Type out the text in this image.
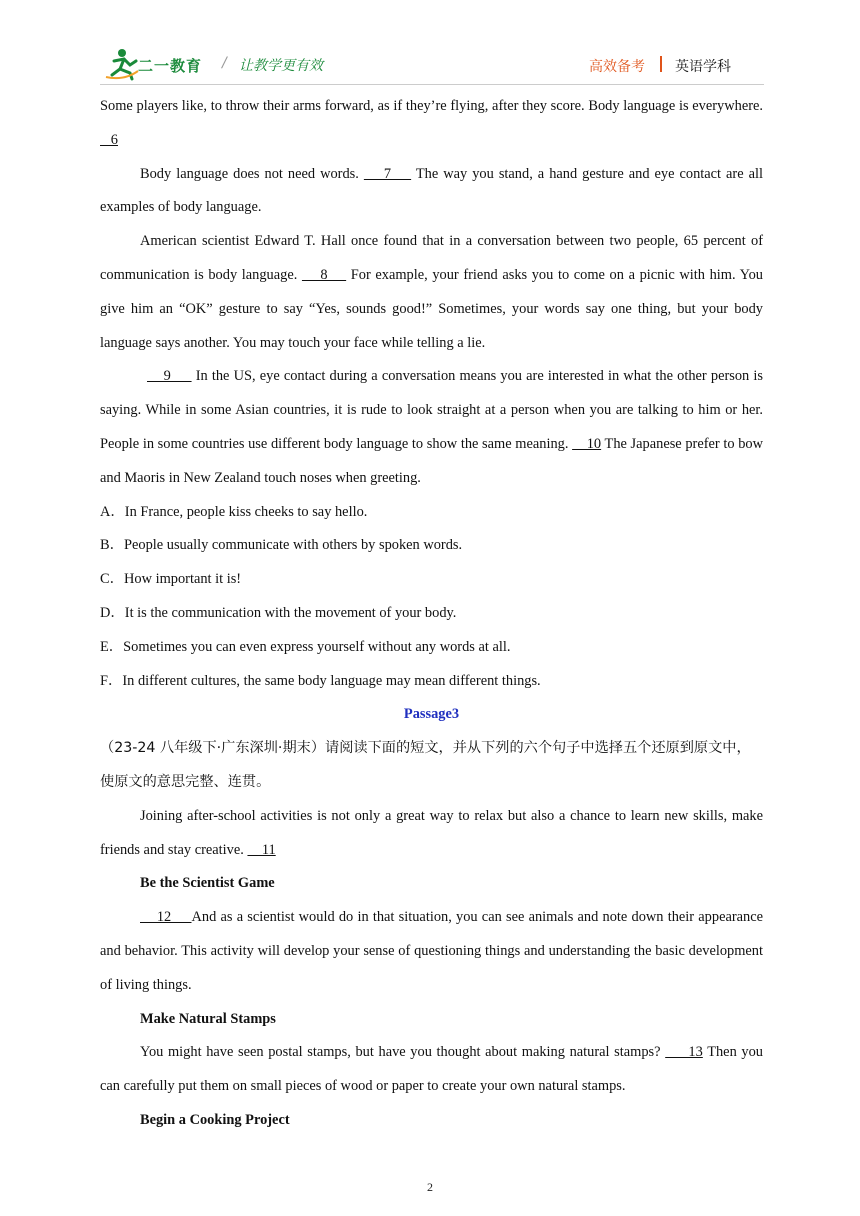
二一教育 / 让教学更有效	高效备考 英语学科

Some players like, to throw their arms forward, as if they’re flying, after they score. Body language is everywhere.    6

Body language does not need words.     7     The way you stand, a hand gesture and eye contact are all examples of body language.

American scientist Edward T. Hall once found that in a conversation between two people, 65 percent of communication is body language.     8     For example, your friend asks you to come on a picnic with him. You give him an “OK” gesture to say “Yes, sounds good!” Sometimes, your words say one thing, but your body language says another. You may touch your face while telling a lie.

9      In the US, eye contact during a conversation means you are interested in what the other person is saying. While in some Asian countries, it is rude to look straight at a person when you are talking to him or her. People in some countries use different body language to show the same meaning.     10 The Japanese prefer to bow and Maoris in New Zealand touch noses when greeting.

A．In France, people kiss cheeks to say hello.

B．People usually communicate with others by spoken words.

C．How important it is!

D．It is the communication with the movement of your body.

E．Sometimes you can even express yourself without any words at all.

F．In different cultures, the same body language may mean different things.

Passage3

（23-24 八年级下·广东深圳·期末）请阅读下面的短文，并从下列的六个句子中选择五个还原到原文中，使原文的意思完整、连贯。

Joining after-school activities is not only a great way to relax but also a chance to learn new skills, make friends and stay creative.     11

Be the Scientist Game

12     And as a scientist would do in that situation, you can see animals and note down their appearance and behavior. This activity will develop your sense of questioning things and understanding the basic development of living things.

Make Natural Stamps

You might have seen postal stamps, but have you thought about making natural stamps?      13 Then you can carefully put them on small pieces of wood or paper to create your own natural stamps.

Begin a Cooking Project

2
